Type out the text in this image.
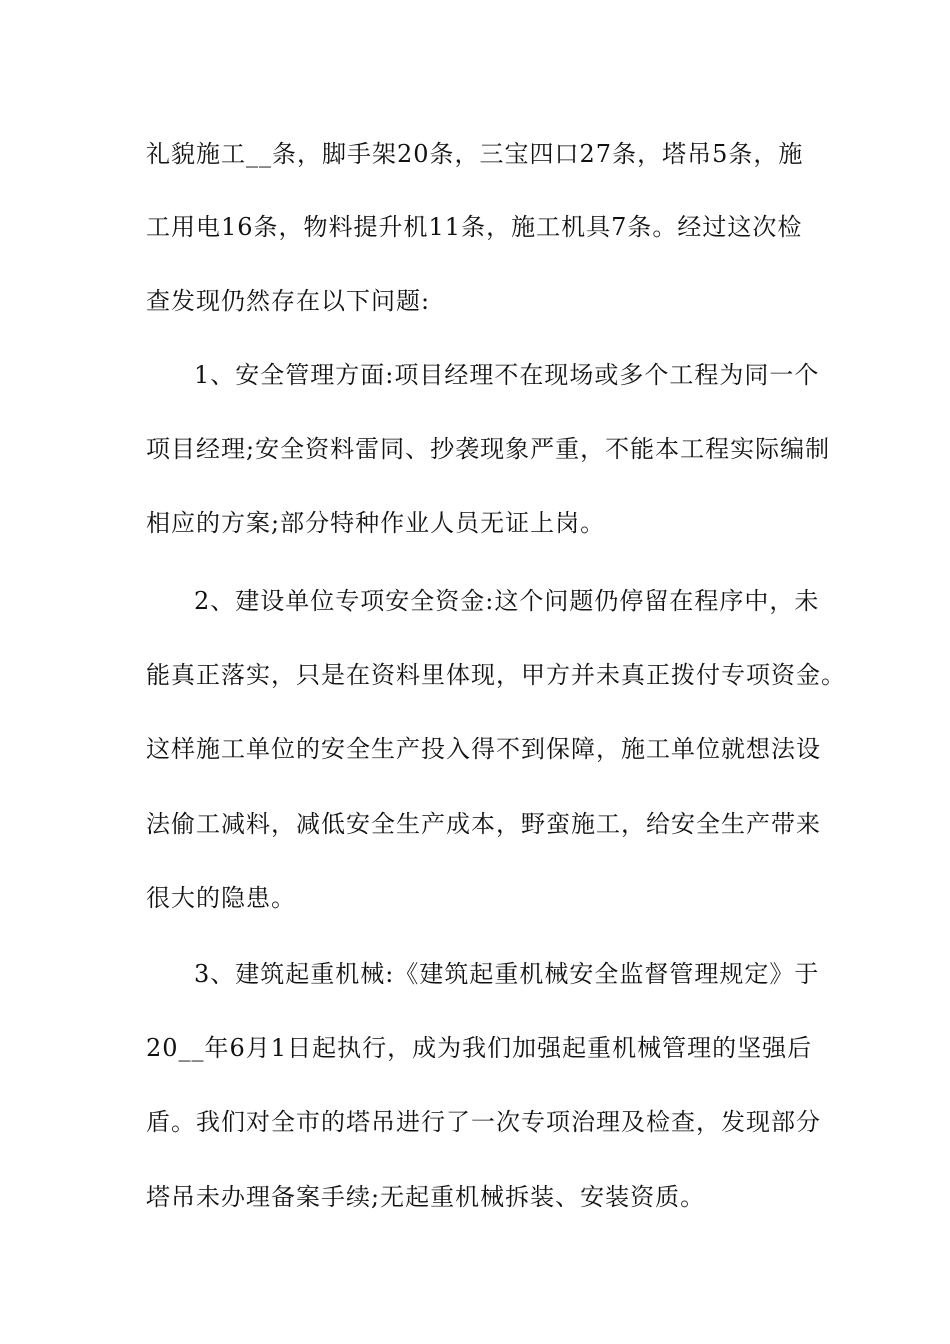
礼貌施工__条，脚手架20条，三宝四口27条，塔吊5条，施
工用电16条，物料提升机11条，施工机具7条。经过这次检
查发现仍然存在以下问题:
1、安全管理方面:项目经理不在现场或多个工程为同一个
项目经理;安全资料雷同、抄袭现象严重，不能本工程实际编制
相应的方案;部分特种作业人员无证上岗。
2、建设单位专项安全资金:这个问题仍停留在程序中，未
能真正落实，只是在资料里体现，甲方并未真正拨付专项资金。
这样施工单位的安全生产投入得不到保障，施工单位就想法设
法偷工减料，减低安全生产成本，野蛮施工，给安全生产带来
很大的隐患。
3、建筑起重机械:《建筑起重机械安全监督管理规定》于
20__年6月1日起执行，成为我们加强起重机械管理的坚强后
盾。我们对全市的塔吊进行了一次专项治理及检查，发现部分
塔吊未办理备案手续;无起重机械拆装、安装资质。
